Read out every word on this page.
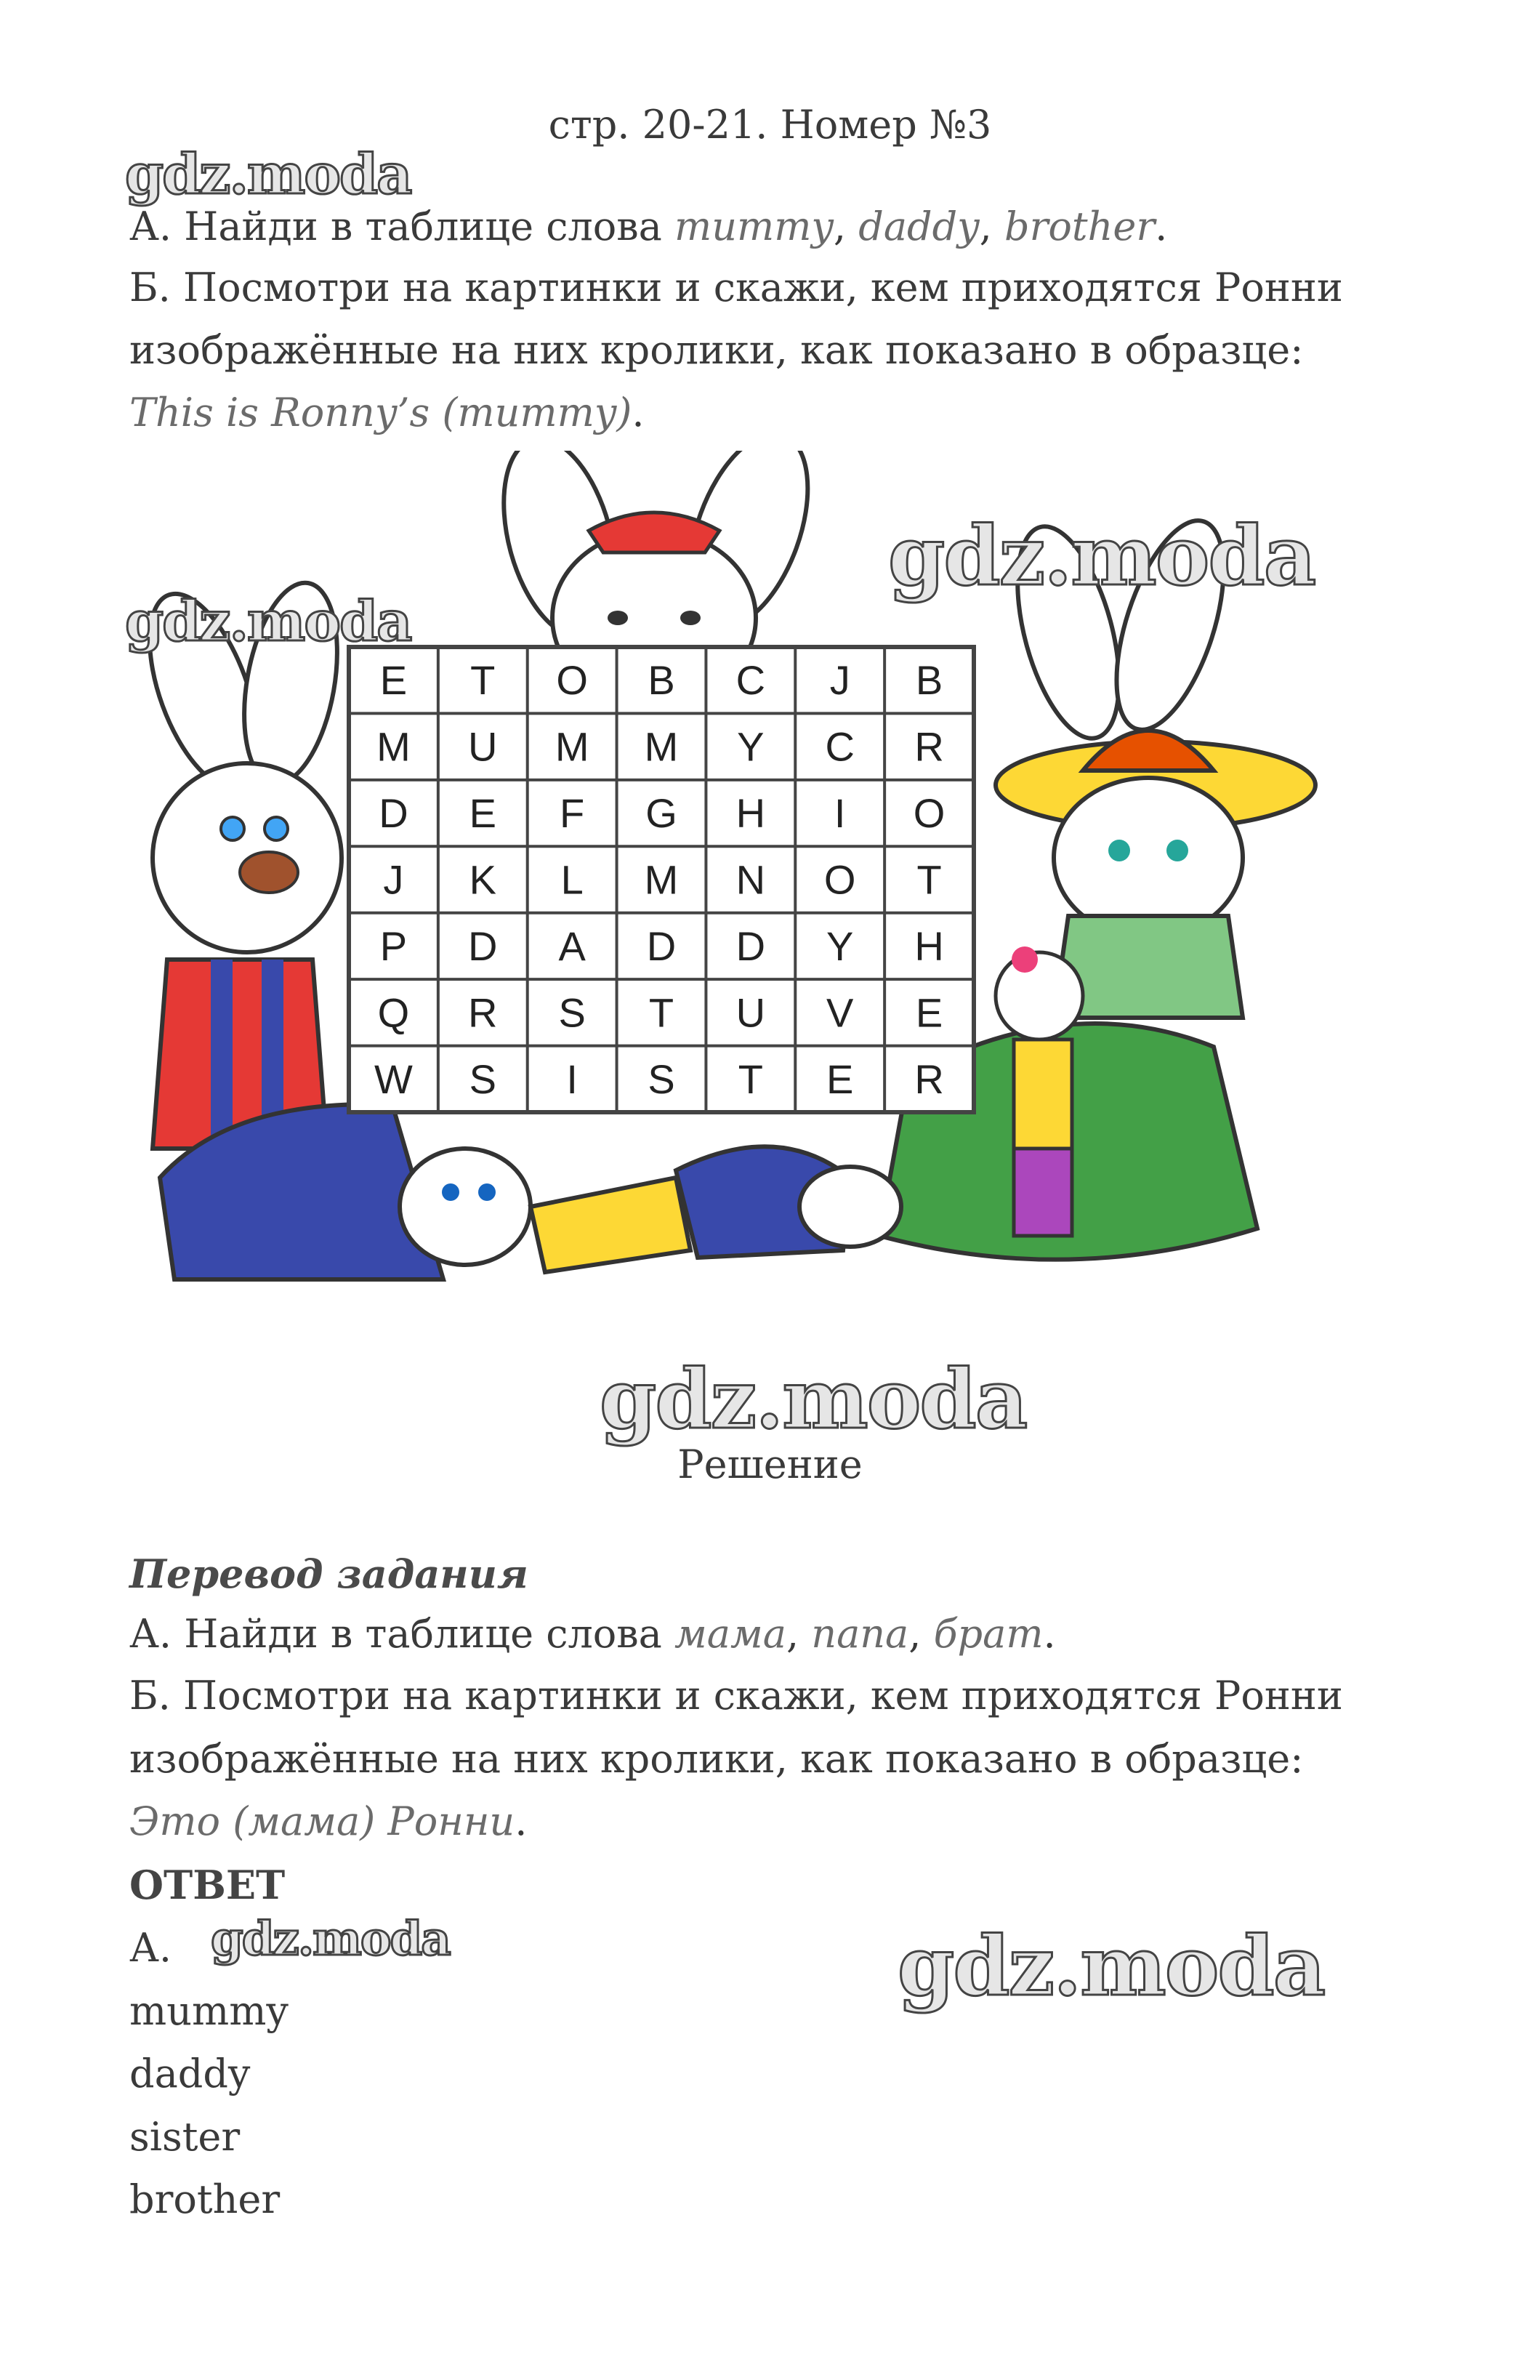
стр. 20-21. Номер №3
gdz.moda
А. Найди в таблице слова mummy, daddy, brother.
Б. Посмотри на картинки и скажи, кем приходятся Ронни
изображённые на них кролики, как показано в образце:
This is Ronny’s (mummy).
E T O B C J B
M U M M Y C R
D E F G H I O
J K L M N O T
P D A D D Y H
Q R S T U V E
W S I S T E R
gdz.moda
gdz.moda
gdz.moda
Решение
Перевод задания
А. Найди в таблице слова мама, папа, брат.
Б. Посмотри на картинки и скажи, кем приходятся Ронни
изображённые на них кролики, как показано в образце:
Это (мама) Ронни.
ОТВЕТ
А. gdz.moda	gdz.moda
mummy
daddy
sister
brother
